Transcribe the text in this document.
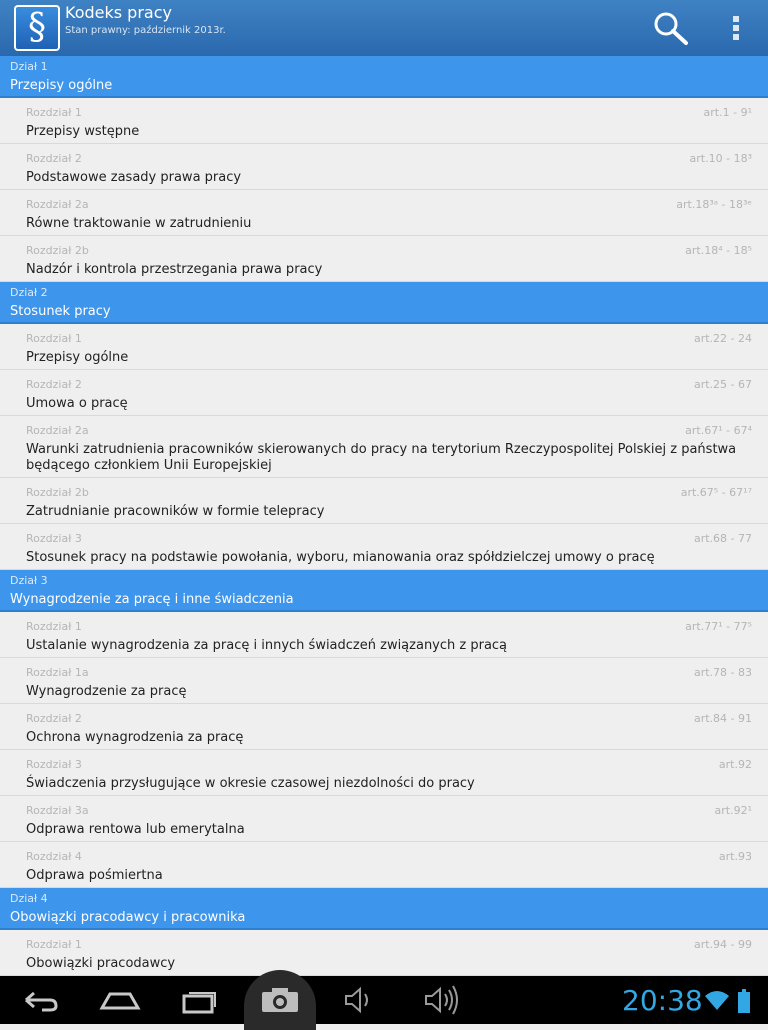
§	Kodeks pracy
Stan prawny: październik 2013r.
Dział 1
Przepisy ogólne
Rozdział 1	art.1 - 9¹
Przepisy wstępne
Rozdział 2	art.10 - 18³
Podstawowe zasady prawa pracy
Rozdział 2a	art.18³ᵃ - 18³ᵉ
Równe traktowanie w zatrudnieniu
Rozdział 2b	art.18⁴ - 18⁵
Nadzór i kontrola przestrzegania prawa pracy
Dział 2
Stosunek pracy
Rozdział 1	art.22 - 24
Przepisy ogólne
Rozdział 2	art.25 - 67
Umowa o pracę
Rozdział 2a	art.67¹ - 67⁴
Warunki zatrudnienia pracowników skierowanych do pracy na terytorium Rzeczypospolitej Polskiej z państwa będącego członkiem Unii Europejskiej
Rozdział 2b	art.67⁵ - 67¹⁷
Zatrudnianie pracowników w formie telepracy
Rozdział 3	art.68 - 77
Stosunek pracy na podstawie powołania, wyboru, mianowania oraz spółdzielczej umowy o pracę
Dział 3
Wynagrodzenie za pracę i inne świadczenia
Rozdział 1	art.77¹ - 77⁵
Ustalanie wynagrodzenia za pracę i innych świadczeń związanych z pracą
Rozdział 1a	art.78 - 83
Wynagrodzenie za pracę
Rozdział 2	art.84 - 91
Ochrona wynagrodzenia za pracę
Rozdział 3	art.92
Świadczenia przysługujące w okresie czasowej niezdolności do pracy
Rozdział 3a	art.92¹
Odprawa rentowa lub emerytalna
Rozdział 4	art.93
Odprawa pośmiertna
Dział 4
Obowiązki pracodawcy i pracownika
Rozdział 1	art.94 - 99
Obowiązki pracodawcy
20:38
